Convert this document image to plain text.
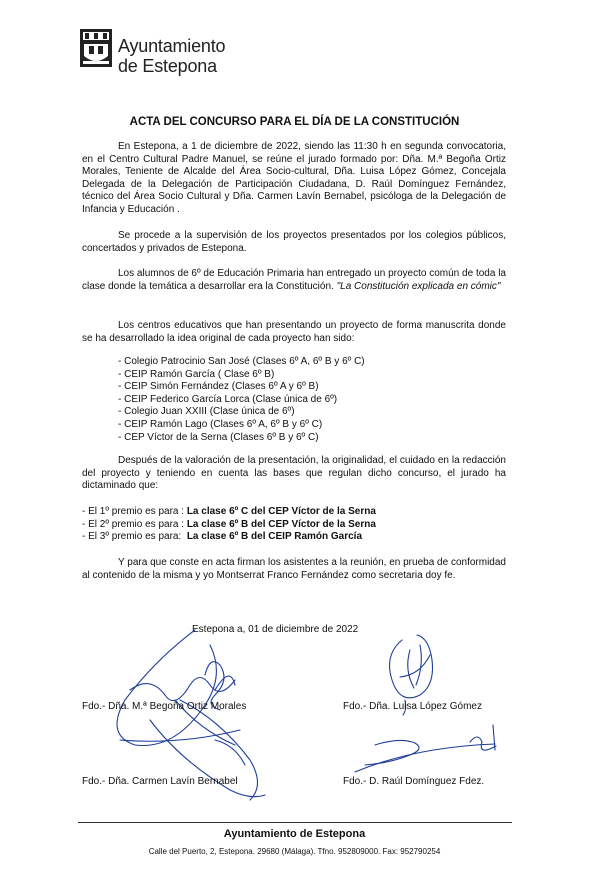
Ayuntamiento
de Estepona
ACTA DEL CONCURSO PARA EL DÍA DE LA CONSTITUCIÓN
En Estepona, a 1 de diciembre de 2022, siendo las 11:30 h en segunda convocatoria, en el Centro Cultural Padre Manuel, se reúne el jurado formado por: Dña. M.ª Begoña Ortiz Morales, Teniente de Alcalde del Área Socio-cultural, Dña. Luisa López Gómez, Concejala Delegada de la Delegación de Participación Ciudadana, D. Raúl Domínguez Fernández, técnico del Área Socio Cultural y Dña. Carmen Lavín Bernabel, psicóloga de la Delegación de Infancia y Educación .
Se procede a la supervisión de los proyectos presentados por los colegios públicos, concertados y privados de Estepona.
Los alumnos de 6º de Educación Primaria han entregado un proyecto común de toda la clase donde la temática a desarrollar era la Constitución. "La Constitución explicada en cómic"
Los centros educativos que han presentando un proyecto de forma manuscrita donde se ha desarrollado la idea original de cada proyecto han sido:
- Colegio Patrocinio San José (Clases 6º A, 6º B y 6º C)
- CEIP Ramón García ( Clase 6º B)
- CEIP Simón Fernández (Clases 6º A y 6º B)
- CEIP Federico García Lorca (Clase única de 6º)
- Colegio Juan XXIII (Clase única de 6º)
- CEIP Ramón Lago (Clases 6º A, 6º B y 6º C)
- CEP Víctor de la Serna (Clases 6º B y 6º C)
Después de la valoración de la presentación, la originalidad, el cuidado en la redacción del proyecto y teniendo en cuenta las bases que regulan dicho concurso, el jurado ha dictaminado que:
- El 1º premio es para : La clase 6º C del CEP Víctor de la Serna
- El 2º premio es para : La clase 6º B del CEP Víctor de la Serna
- El 3º premio es para:  La clase 6º B del CEIP Ramón García
Y para que conste en acta firman los asistentes a la reunión, en prueba de conformidad al contenido de la misma y yo Montserrat Franco Fernández como secretaria doy fe.
Estepona a, 01 de diciembre de 2022
Fdo.- Dña. M.ª Begoña Ortiz Morales	Fdo.- Dña. Luisa López Gómez
Fdo.- Dña. Carmen Lavín Bernabel	Fdo.- D. Raúl Domínguez Fdez.
Ayuntamiento de Estepona
Calle del Puerto, 2, Estepona. 29680 (Málaga). Tfno. 952809000. Fax: 952790254
